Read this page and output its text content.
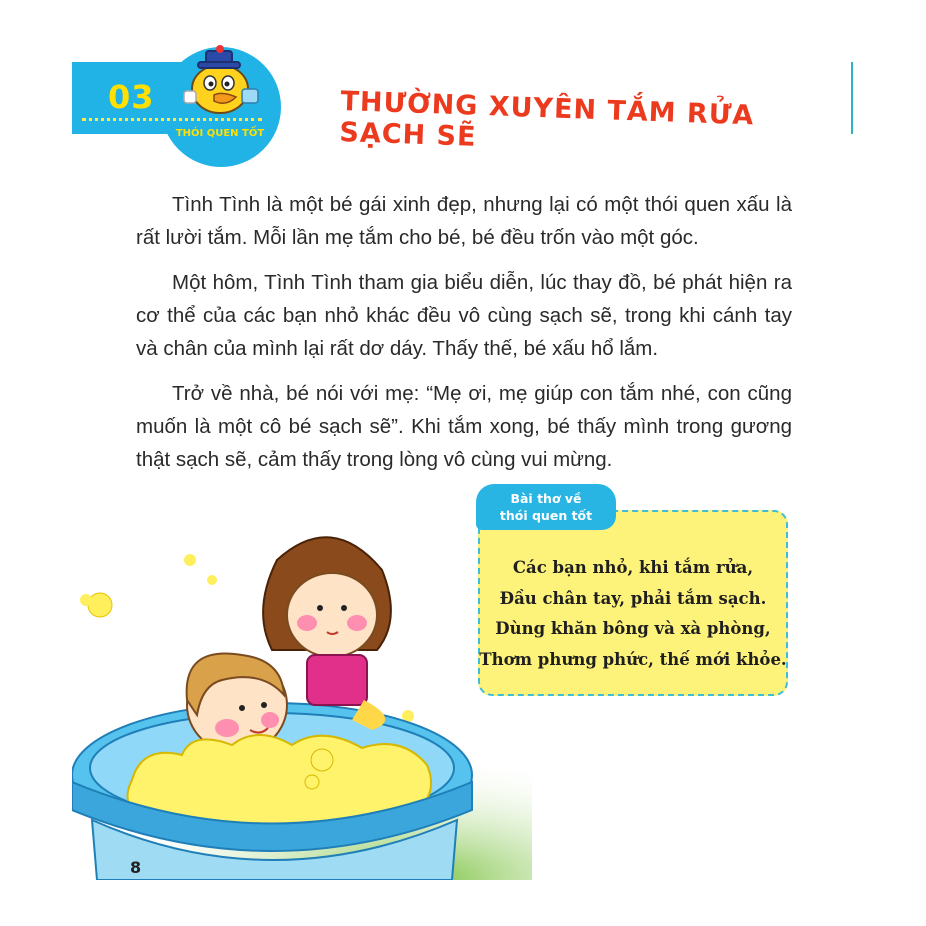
03
THÓI QUEN TỐT
THƯỜNG XUYÊN TẮM RỬA SẠCH SẼ

Tình Tình là một bé gái xinh đẹp, nhưng lại có một thói quen xấu là rất lười tắm. Mỗi lần mẹ tắm cho bé, bé đều trốn vào một góc.

Một hôm, Tình Tình tham gia biểu diễn, lúc thay đồ, bé phát hiện ra cơ thể của các bạn nhỏ khác đều vô cùng sạch sẽ, trong khi cánh tay và chân của mình lại rất dơ dáy. Thấy thế, bé xấu hổ lắm.

Trở về nhà, bé nói với mẹ: “Mẹ ơi, mẹ giúp con tắm nhé, con cũng muốn là một cô bé sạch sẽ”. Khi tắm xong, bé thấy mình trong gương thật sạch sẽ, cảm thấy trong lòng vô cùng vui mừng.

Bài thơ về
thói quen tốt
Các bạn nhỏ, khi tắm rửa,
Đầu chân tay, phải tắm sạch.
Dùng khăn bông và xà phòng,
Thơm phưng phức, thế mới khỏe.
8
